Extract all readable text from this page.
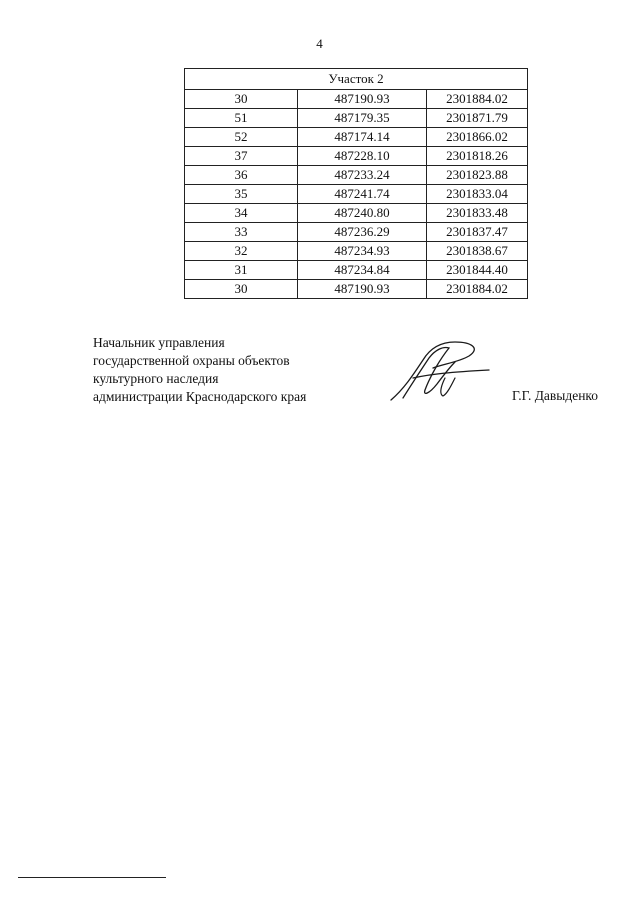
4
Участок 2		
30	487190.93	2301884.02
51	487179.35	2301871.79
52	487174.14	2301866.02
37	487228.10	2301818.26
36	487233.24	2301823.88
35	487241.74	2301833.04
34	487240.80	2301833.48
33	487236.29	2301837.47
32	487234.93	2301838.67
31	487234.84	2301844.40
30	487190.93	2301884.02
Начальник управления
государственной охраны объектов
культурного наследия
администрации Краснодарского края	Г.Г. Давыденко
